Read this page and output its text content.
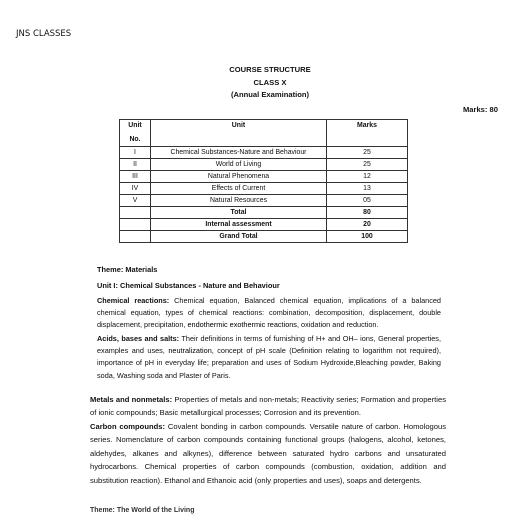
JNS CLASSES
COURSE STRUCTURE
CLASS X
(Annual Examination)
Marks: 80
Unit
No.	Unit	Marks
I	Chemical Substances-Nature and Behaviour	25
II	World of Living	25
III	Natural Phenomena	12
IV	Effects of Current	13
V	Natural Resources	05
	Total	80
	Internal assessment	20
	Grand Total	100
Theme: Materials
Unit I: Chemical Substances - Nature and Behaviour
Chemical reactions: Chemical equation, Balanced chemical equation, implications of a balanced chemical equation, types of chemical reactions: combination, decomposition, displacement, double displacement, precipitation, endothermic exothermic reactions, oxidation and reduction.
Acids, bases and salts: Their definitions in terms of furnishing of H+ and OH– ions, General properties, examples and uses, neutralization, concept of pH scale (Definition relating to logarithm not required), importance of pH in everyday life; preparation and uses of Sodium Hydroxide,Bleaching powder, Baking soda, Washing soda and Plaster of Paris.
Metals and nonmetals: Properties of metals and non-metals; Reactivity series; Formation and properties of ionic compounds; Basic metallurgical processes; Corrosion and its prevention.
Carbon compounds: Covalent bonding in carbon compounds. Versatile nature of carbon. Homologous series. Nomenclature of carbon compounds containing functional groups (halogens, alcohol, ketones, aldehydes, alkanes and alkynes), difference between saturated hydro carbons and unsaturated hydrocarbons. Chemical properties of carbon compounds (combustion, oxidation, addition and substitution reaction). Ethanol and Ethanoic acid (only properties and uses), soaps and detergents.
Theme: The World of the Living
